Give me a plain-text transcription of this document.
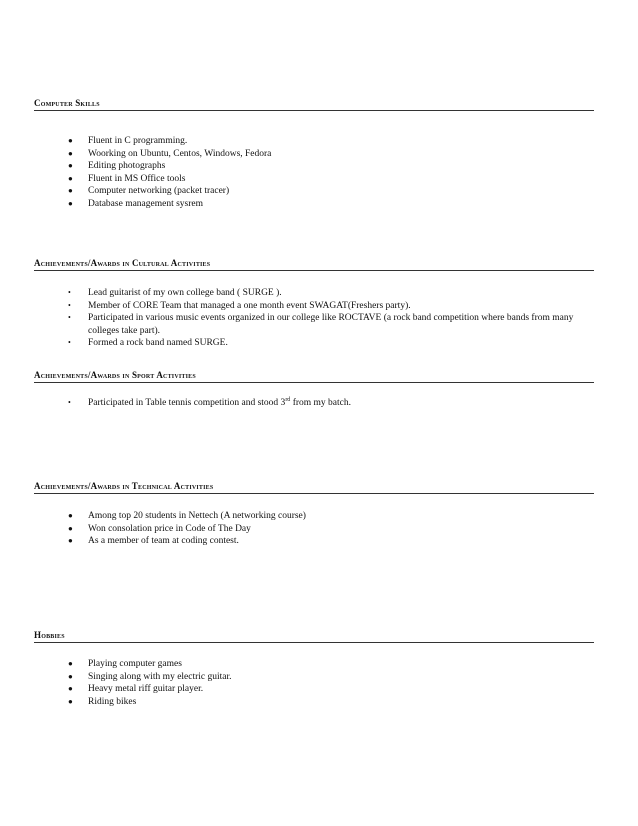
Computer Skills
● Fluent in C programming.
● Woorking on Ubuntu, Centos, Windows, Fedora
● Editing photographs
● Fluent in MS Office tools
● Computer networking (packet tracer)
● Database management sysrem
Achievements/Awards in Cultural Activities
• Lead guitarist of my own college band ( SURGE ).
• Member of CORE Team that managed a one month event SWAGAT(Freshers party).
• Participated in various music events organized in our college like ROCTAVE (a rock band competition where bands from many colleges take part).
• Formed a rock band named SURGE.
Achievements/Awards in Sport Activities
• Participated in Table tennis competition and stood 3rd from my batch.
Achievements/Awards in Technical Activities
● Among top 20 students in Nettech (A networking course)
● Won consolation price in Code of The Day
● As a member of team at coding contest.
Hobbies
● Playing computer games
● Singing along with my electric guitar.
● Heavy metal riff guitar player.
● Riding bikes
